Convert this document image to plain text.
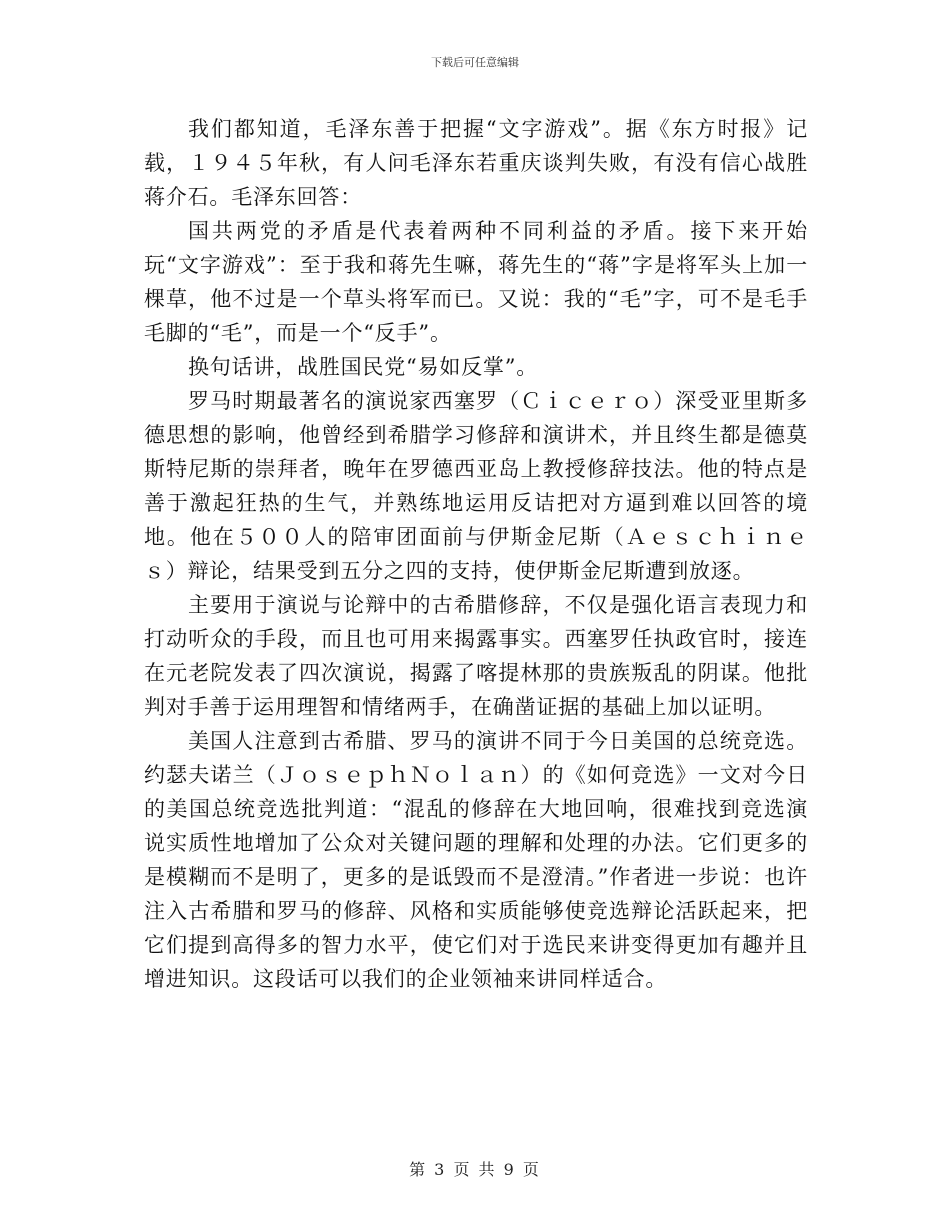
下载后可任意编辑

我们都知道，毛泽东善于把握“文字游戏”。据《东方时报》记载，１９４５年秋，有人问毛泽东若重庆谈判失败，有没有信心战胜蒋介石。毛泽东回答：

国共两党的矛盾是代表着两种不同利益的矛盾。接下来开始玩“文字游戏”：至于我和蒋先生嘛，蒋先生的“蒋”字是将军头上加一棵草，他不过是一个草头将军而已。又说：我的“毛”字，可不是毛手毛脚的“毛”，而是一个“反手”。

换句话讲，战胜国民党“易如反掌”。

罗马时期最著名的演说家西塞罗（Ｃｉｃｅｒｏ）深受亚里斯多德思想的影响，他曾经到希腊学习修辞和演讲术，并且终生都是德莫斯特尼斯的崇拜者，晚年在罗德西亚岛上教授修辞技法。他的特点是善于激起狂热的生气，并熟练地运用反诘把对方逼到难以回答的境地。他在５００人的陪审团面前与伊斯金尼斯（Ａｅｓｃｈｉｎｅｓ）辩论，结果受到五分之四的支持，使伊斯金尼斯遭到放逐。

主要用于演说与论辩中的古希腊修辞，不仅是强化语言表现力和打动听众的手段，而且也可用来揭露事实。西塞罗任执政官时，接连在元老院发表了四次演说，揭露了喀提林那的贵族叛乱的阴谋。他批判对手善于运用理智和情绪两手，在确凿证据的基础上加以证明。

美国人注意到古希腊、罗马的演讲不同于今日美国的总统竞选。约瑟夫诺兰（ＪｏｓｅｐｈＮｏｌａｎ）的《如何竞选》一文对今日的美国总统竞选批判道：“混乱的修辞在大地回响，很难找到竞选演说实质性地增加了公众对关键问题的理解和处理的办法。它们更多的是模糊而不是明了，更多的是诋毁而不是澄清。”作者进一步说：也许注入古希腊和罗马的修辞、风格和实质能够使竞选辩论活跃起来，把它们提到高得多的智力水平，使它们对于选民来讲变得更加有趣并且增进知识。这段话可以我们的企业领袖来讲同样适合。

第 3 页 共 9 页
